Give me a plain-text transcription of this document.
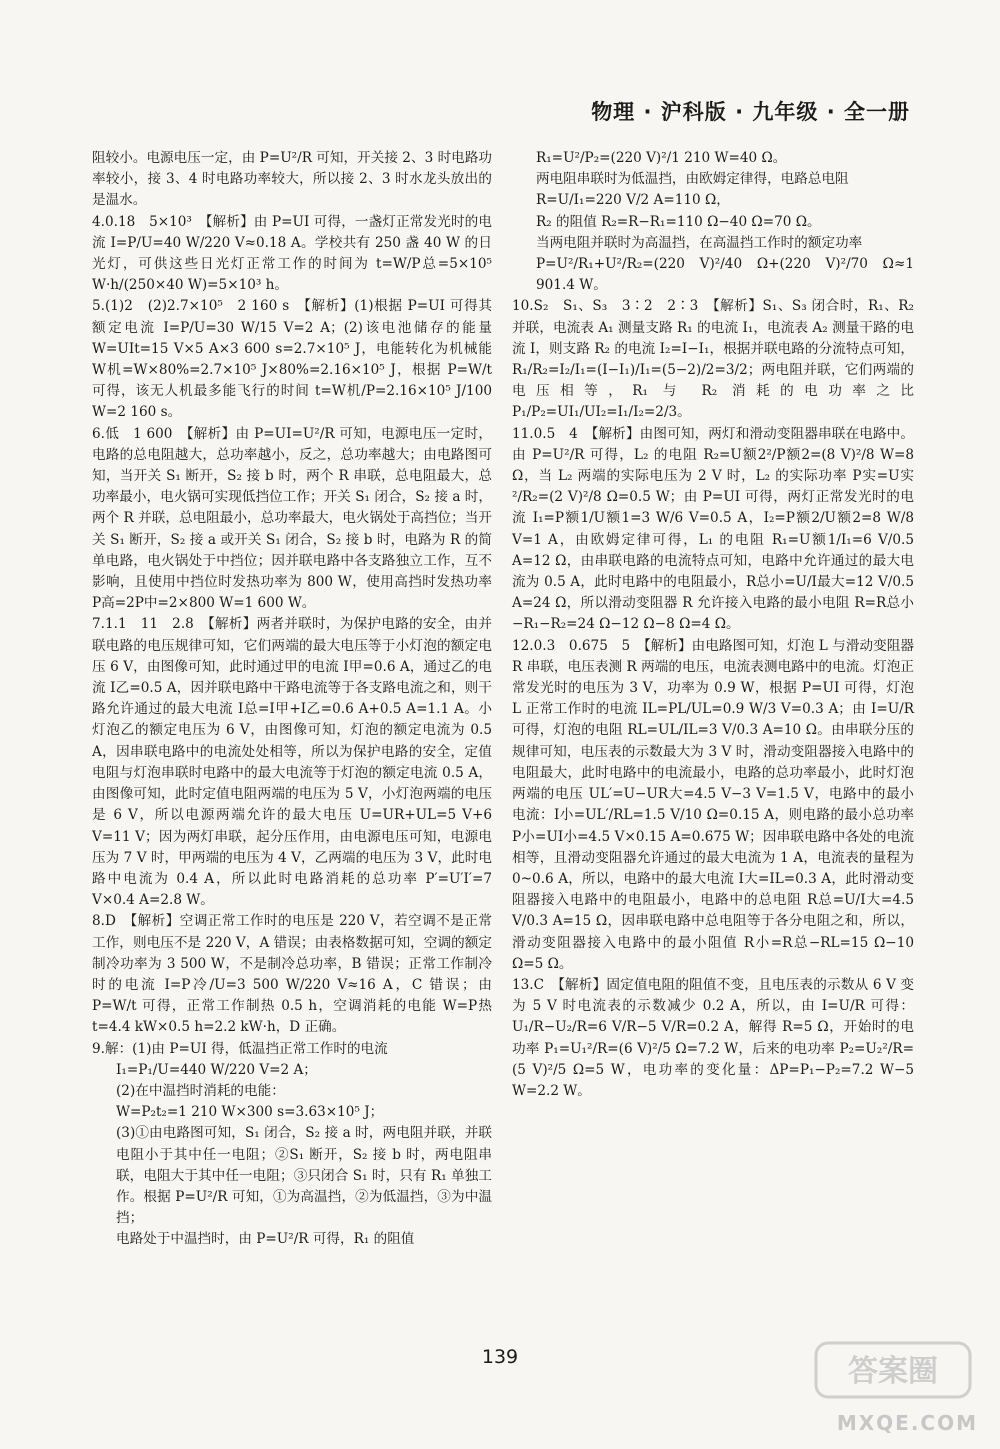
物理 · 沪科版 · 九年级 · 全一册

阻较小。电源电压一定，由 P=U²/R 可知，开关接 2、3 时电路功率较小，接 3、4 时电路功率较大，所以接 2、3 时水龙头放出的是温水。

4.0.18　5×10³　【解析】由 P=UI 可得，一盏灯正常发光时的电流 I=P/U=40 W/220 V≈0.18 A。学校共有 250 盏 40 W 的日光灯，可供这些日光灯正常工作的时间为 t=W/P总=5×10⁵ W·h/(250×40 W)=5×10³ h。

5.(1)2　(2)2.7×10⁵　2 160 s　【解析】(1)根据 P=UI 可得其额定电流 I=P/U=30 W/15 V=2 A；(2)该电池储存的能量 W=UIt=15 V×5 A×3 600 s=2.7×10⁵ J，电能转化为机械能 W机=W×80%=2.7×10⁵ J×80%=2.16×10⁵ J，根据 P=W/t 可得，该无人机最多能飞行的时间 t=W机/P=2.16×10⁵ J/100 W=2 160 s。

6.低　1 600　【解析】由 P=UI=U²/R 可知，电源电压一定时，电路的总电阻越大，总功率越小，反之，总功率越大；由电路图可知，当开关 S₁ 断开，S₂ 接 b 时，两个 R 串联，总电阻最大，总功率最小，电火锅可实现低挡位工作；开关 S₁ 闭合，S₂ 接 a 时，两个 R 并联，总电阻最小，总功率最大，电火锅处于高挡位；当开关 S₁ 断开，S₂ 接 a 或开关 S₁ 闭合，S₂ 接 b 时，电路为 R 的简单电路，电火锅处于中挡位；因并联电路中各支路独立工作，互不影响，且使用中挡位时发热功率为 800 W，使用高挡时发热功率 P高=2P中=2×800 W=1 600 W。

7.1.1　11　2.8　【解析】两者并联时，为保护电路的安全，由并联电路的电压规律可知，它们两端的最大电压等于小灯泡的额定电压 6 V，由图像可知，此时通过甲的电流 I甲=0.6 A，通过乙的电流 I乙=0.5 A，因并联电路中干路电流等于各支路电流之和，则干路允许通过的最大电流 I总=I甲+I乙=0.6 A+0.5 A=1.1 A。小灯泡乙的额定电压为 6 V，由图像可知，灯泡的额定电流为 0.5 A，因串联电路中的电流处处相等，所以为保护电路的安全，定值电阻与灯泡串联时电路中的最大电流等于灯泡的额定电流 0.5 A，由图像可知，此时定值电阻两端的电压为 5 V，小灯泡两端的电压是 6 V，所以电源两端允许的最大电压 U=UR+UL=5 V+6 V=11 V；因为两灯串联，起分压作用，由电源电压可知，电源电压为 7 V 时，甲两端的电压为 4 V，乙两端的电压为 3 V，此时电路中电流为 0.4 A，所以此时电路消耗的总功率 P′=U′I′=7 V×0.4 A=2.8 W。

8.D　【解析】空调正常工作时的电压是 220 V，若空调不是正常工作，则电压不是 220 V，A 错误；由表格数据可知，空调的额定制冷功率为 3 500 W，不是制冷总功率，B 错误；正常工作制冷时的电流 I=P冷/U=3 500 W/220 V≈16 A，C 错误；由 P=W/t 可得，正常工作制热 0.5 h，空调消耗的电能 W=P热 t=4.4 kW×0.5 h=2.2 kW·h，D 正确。

9.解：(1)由 P=UI 得，低温挡正常工作时的电流

I₁=P₁/U=440 W/220 V=2 A；

(2)在中温挡时消耗的电能：

W=P₂t₂=1 210 W×300 s=3.63×10⁵ J；

(3)①由电路图可知，S₁ 闭合，S₂ 接 a 时，两电阻并联，并联电阻小于其中任一电阻；②S₁ 断开，S₂ 接 b 时，两电阻串联，电阻大于其中任一电阻；③只闭合 S₁ 时，只有 R₁ 单独工作。根据 P=U²/R 可知，①为高温挡，②为低温挡，③为中温挡；

电路处于中温挡时，由 P=U²/R 可得，R₁ 的阻值

R₁=U²/P₂=(220 V)²/1 210 W=40 Ω。

两电阻串联时为低温挡，由欧姆定律得，电路总电阻

R=U/I₁=220 V/2 A=110 Ω，

R₂ 的阻值 R₂=R−R₁=110 Ω−40 Ω=70 Ω。

当两电阻并联时为高温挡，在高温挡工作时的额定功率

P=U²/R₁+U²/R₂=(220 V)²/40 Ω+(220 V)²/70 Ω≈1 901.4 W。

10.S₂　S₁、S₃　3∶2　2∶3　【解析】S₁、S₃ 闭合时，R₁、R₂ 并联，电流表 A₁ 测量支路 R₁ 的电流 I₁，电流表 A₂ 测量干路的电流 I，则支路 R₂ 的电流 I₂=I−I₁，根据并联电路的分流特点可知，R₁/R₂=I₂/I₁=(I−I₁)/I₁=(5−2)/2=3/2；两电阻并联，它们两端的电压相等，R₁ 与 R₂ 消耗的电功率之比 P₁/P₂=UI₁/UI₂=I₁/I₂=2/3。

11.0.5　4　【解析】由图可知，两灯和滑动变阻器串联在电路中。由 P=U²/R 可得，L₂ 的电阻 R₂=U额2²/P额2=(8 V)²/8 W=8 Ω，当 L₂ 两端的实际电压为 2 V 时，L₂ 的实际功率 P实=U实²/R₂=(2 V)²/8 Ω=0.5 W；由 P=UI 可得，两灯正常发光时的电流 I₁=P额1/U额1=3 W/6 V=0.5 A，I₂=P额2/U额2=8 W/8 V=1 A，由欧姆定律可得，L₁ 的电阻 R₁=U额1/I₁=6 V/0.5 A=12 Ω，由串联电路的电流特点可知，电路中允许通过的最大电流为 0.5 A，此时电路中的电阻最小，R总小=U/I最大=12 V/0.5 A=24 Ω，所以滑动变阻器 R 允许接入电路的最小电阻 R=R总小−R₁−R₂=24 Ω−12 Ω−8 Ω=4 Ω。

12.0.3　0.675　5　【解析】由电路图可知，灯泡 L 与滑动变阻器 R 串联，电压表测 R 两端的电压，电流表测电路中的电流。灯泡正常发光时的电压为 3 V，功率为 0.9 W，根据 P=UI 可得，灯泡 L 正常工作时的电流 IL=PL/UL=0.9 W/3 V=0.3 A；由 I=U/R 可得，灯泡的电阻 RL=UL/IL=3 V/0.3 A=10 Ω。由串联分压的规律可知，电压表的示数最大为 3 V 时，滑动变阻器接入电路中的电阻最大，此时电路中的电流最小，电路的总功率最小，此时灯泡两端的电压 UL′=U−UR大=4.5 V−3 V=1.5 V，电路中的最小电流：I小=UL′/RL=1.5 V/10 Ω=0.15 A，则电路的最小总功率 P小=UI小=4.5 V×0.15 A=0.675 W；因串联电路中各处的电流相等，且滑动变阻器允许通过的最大电流为 1 A，电流表的量程为 0~0.6 A，所以，电路中的最大电流 I大=IL=0.3 A，此时滑动变阻器接入电路中的电阻最小，电路中的总电阻 R总=U/I大=4.5 V/0.3 A=15 Ω，因串联电路中总电阻等于各分电阻之和，所以，滑动变阻器接入电路中的最小阻值 R小=R总−RL=15 Ω−10 Ω=5 Ω。

13.C　【解析】固定值电阻的阻值不变，且电压表的示数从 6 V 变为 5 V 时电流表的示数减少 0.2 A，所以，由 I=U/R 可得：U₁/R−U₂/R=6 V/R−5 V/R=0.2 A，解得 R=5 Ω，开始时的电功率 P₁=U₁²/R=(6 V)²/5 Ω=7.2 W，后来的电功率 P₂=U₂²/R=(5 V)²/5 Ω=5 W，电功率的变化量：ΔP=P₁−P₂=7.2 W−5 W=2.2 W。

139	答案圈
MXQE.COM
